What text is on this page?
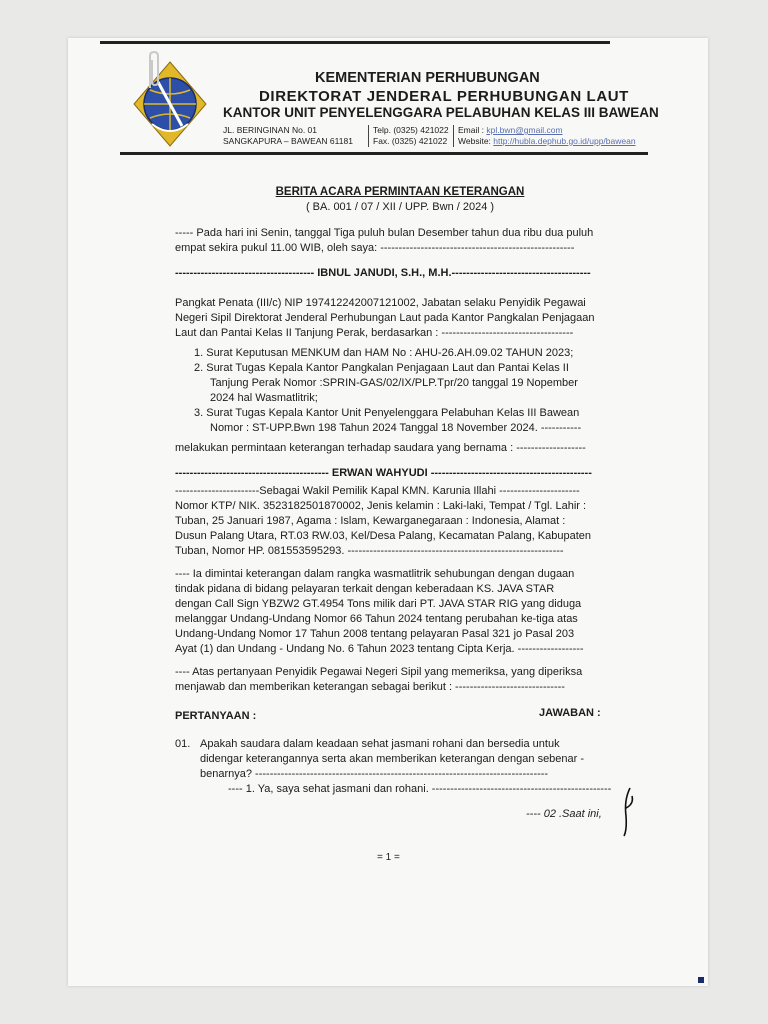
KEMENTERIAN PERHUBUNGAN
DIREKTORAT JENDERAL PERHUBUNGAN LAUT
KANTOR UNIT PENYELENGGARA PELABUHAN KELAS III BAWEAN
JL. BERINGINAN No. 01
SANGKAPURA – BAWEAN 61181
Telp. (0325) 421022
Fax. (0325) 421022
Email : kpl.bwn@gmail.com
Website: http://hubla.dephub.go.id/upp/bawean
BERITA ACARA PERMINTAAN KETERANGAN
( BA. 001 / 07 / XII / UPP. Bwn / 2024 )
----- Pada hari ini Senin, tanggal Tiga puluh bulan Desember tahun dua ribu dua puluh
empat sekira pukul 11.00 WIB, oleh saya: -----------------------------------------------------
-------------------------------------- IBNUL JANUDI, S.H., M.H.--------------------------------------
Pangkat Penata (III/c) NIP 197412242007121002, Jabatan selaku Penyidik Pegawai
Negeri Sipil Direktorat Jenderal Perhubungan Laut pada Kantor Pangkalan Penjagaan
Laut dan Pantai Kelas II Tanjung Perak, berdasarkan : ------------------------------------
1. Surat Keputusan MENKUM dan HAM No : AHU-26.AH.09.02 TAHUN 2023;
2. Surat Tugas Kepala Kantor Pangkalan Penjagaan Laut dan Pantai Kelas II
Tanjung Perak Nomor :SPRIN-GAS/02/IX/PLP.Tpr/20 tanggal 19 Nopember
2024 hal Wasmatlitrik;
3. Surat Tugas Kepala Kantor Unit Penyelenggara Pelabuhan Kelas III Bawean
Nomor : ST-UPP.Bwn 198 Tahun 2024 Tanggal 18 November 2024. -----------
melakukan permintaan keterangan terhadap saudara yang bernama : -------------------
------------------------------------------ ERWAN WAHYUDI --------------------------------------------
-----------------------Sebagai Wakil Pemilik Kapal KMN. Karunia Illahi ----------------------
Nomor KTP/ NIK. 3523182501870002, Jenis kelamin : Laki-laki, Tempat / Tgl. Lahir :
Tuban, 25 Januari 1987, Agama : Islam, Kewarganegaraan : Indonesia, Alamat :
Dusun Palang Utara, RT.03 RW.03, Kel/Desa Palang, Kecamatan Palang, Kabupaten
Tuban, Nomor HP. 081553595293. -----------------------------------------------------------
---- Ia dimintai keterangan dalam rangka wasmatlitrik sehubungan dengan dugaan
tindak pidana di bidang pelayaran terkait dengan keberadaan KS. JAVA STAR
dengan Call Sign YBZW2 GT.4954 Tons milik dari PT. JAVA STAR RIG yang diduga
melanggar Undang-Undang Nomor 66 Tahun 2024 tentang perubahan ke-tiga atas
Undang-Undang Nomor 17 Tahun 2008 tentang pelayaran Pasal 321 jo Pasal 203
Ayat (1) dan Undang - Undang No. 6 Tahun 2023 tentang Cipta Kerja. ------------------
---- Atas pertanyaan Penyidik Pegawai Negeri Sipil yang memeriksa, yang diperiksa
menjawab dan memberikan keterangan sebagai berikut : ------------------------------
PERTANYAAN :	JAWABAN :
01. Apakah saudara dalam keadaan sehat jasmani rohani dan bersedia untuk
didengar keterangannya serta akan memberikan keterangan dengan sebenar -
benarnya? --------------------------------------------------------------------------------
---- 1. Ya, saya sehat jasmani dan rohani. -------------------------------------------------
---- 02 .Saat ini,
= 1 =
